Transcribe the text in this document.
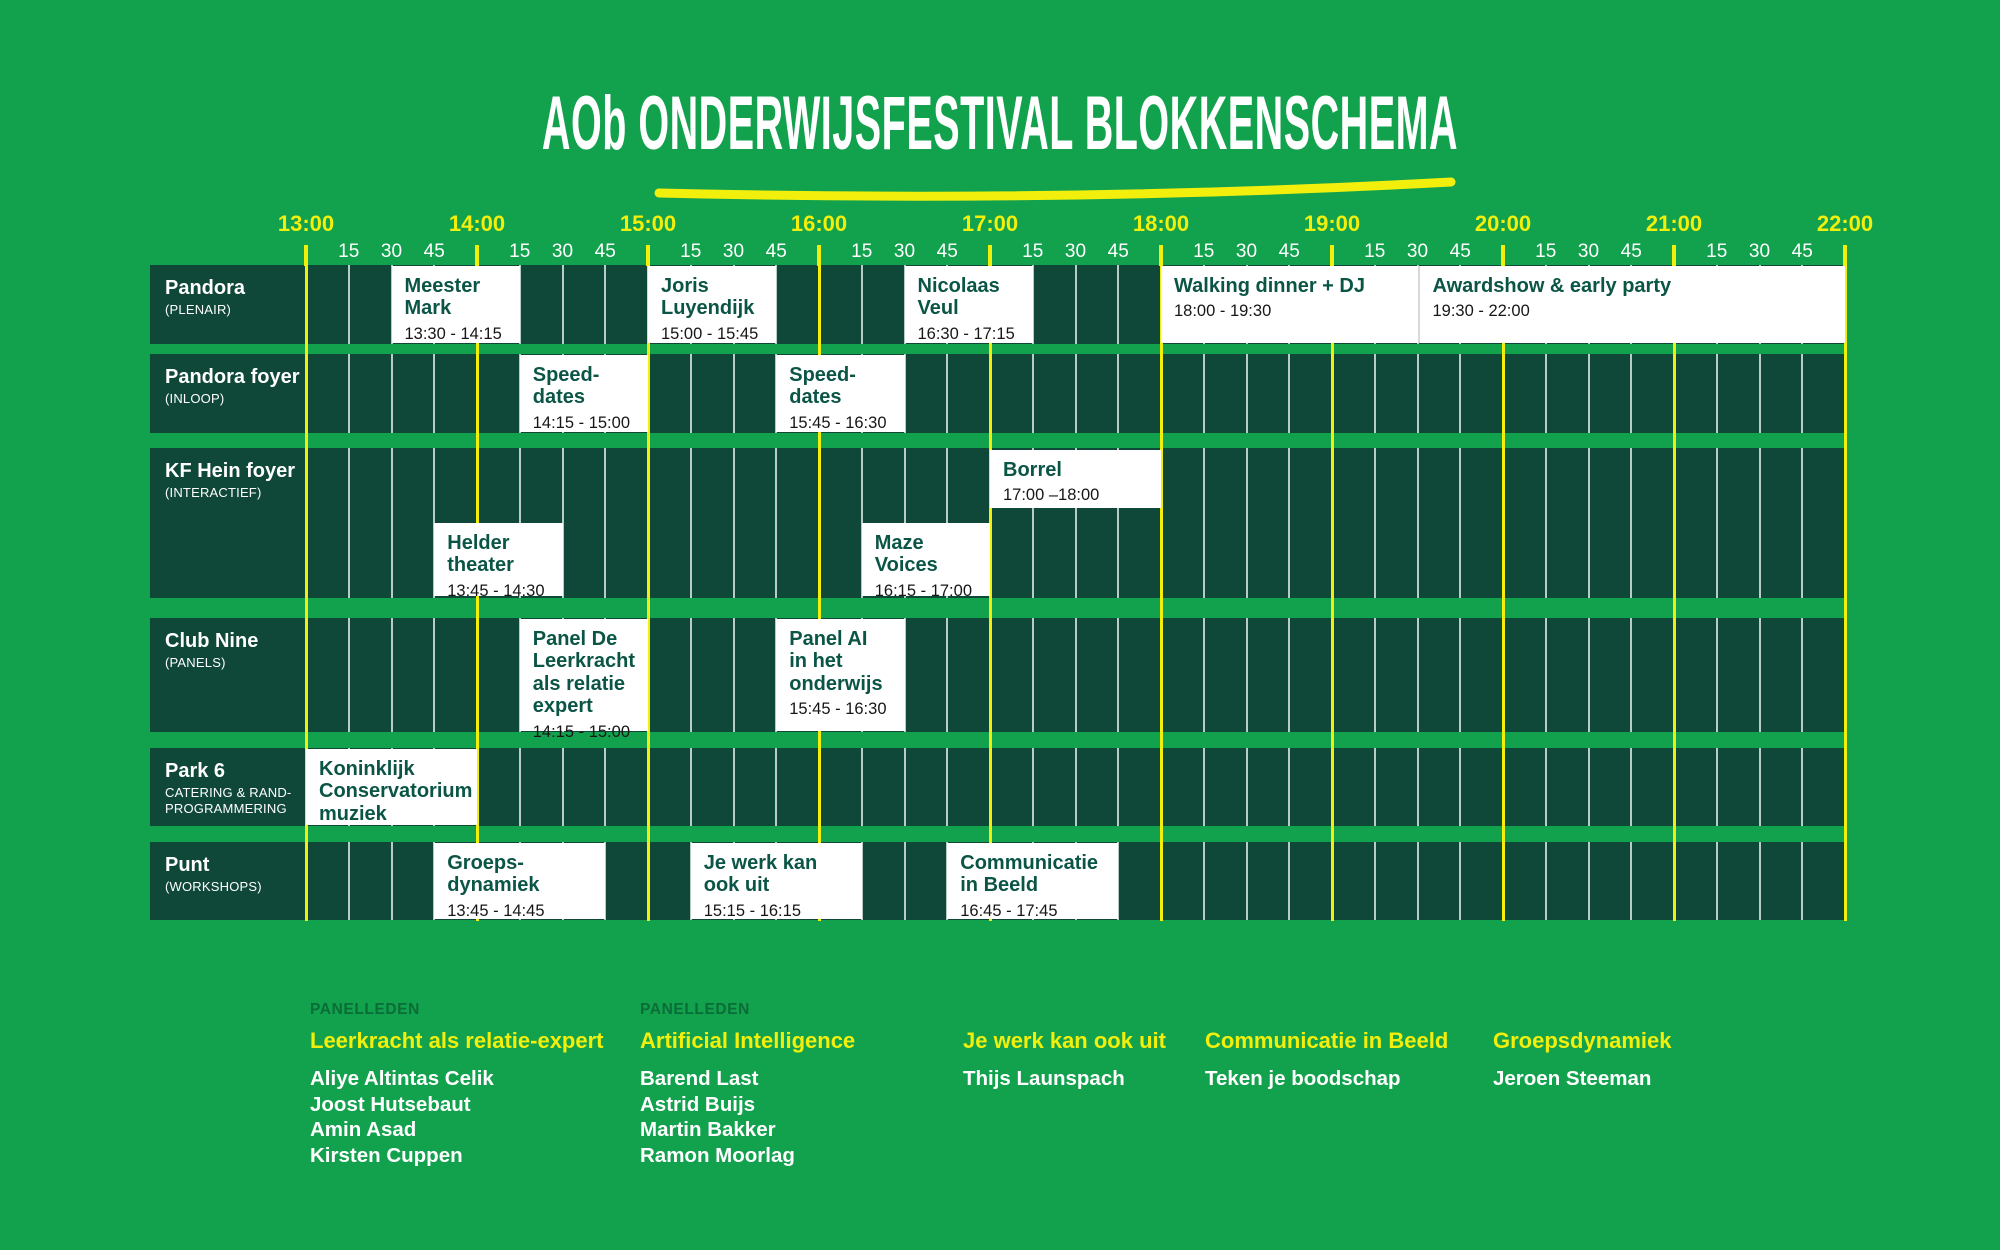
AOb ONDERWIJSFESTIVAL BLOKKENSCHEMA
Pandora
(PLENAIR)
Pandora foyer
(INLOOP)
KF Hein foyer
(INTERACTIEF)
Club Nine
(PANELS)
Park 6
CATERING & RAND-PROGRAMMERING
Punt
(WORKSHOPS)
13:00
15 30 45
14:00
15 30 45
15:00
15 30 45
16:00
15 30 45
17:00
15 30 45
18:00
15 30 45
19:00
15 30 45
20:00
15 30 45
21:00
15 30 45
22:00
Meester
Mark
13:30 - 14:15
Joris
Luyendijk
15:00 - 15:45
Nicolaas
Veul
16:30 - 17:15
Walking dinner + DJ
18:00 - 19:30
Awardshow & early party
19:30 - 22:00
Speed-
dates
14:15 - 15:00
Speed-
dates
15:45 - 16:30
Borrel
17:00 –18:00
Helder
theater
13:45 - 14:30
Maze
Voices
16:15 - 17:00
Panel De
Leerkracht
als relatie
expert
14:15 - 15:00
Panel AI
in het
onderwijs
15:45 - 16:30
Koninklijk
Conservatorium
muziek
Groeps-
dynamiek
13:45 - 14:45
Je werk kan
ook uit
15:15 - 16:15
Communicatie
in Beeld
16:45 - 17:45
PANELLEDEN
Leerkracht als relatie-expert
Aliye Altintas Celik
Joost Hutsebaut
Amin Asad
Kirsten Cuppen
PANELLEDEN
Artificial Intelligence
Barend Last
Astrid Buijs
Martin Bakker
Ramon Moorlag
Je werk kan ook uit
Thijs Launspach
Communicatie in Beeld
Teken je boodschap
Groepsdynamiek
Jeroen Steeman
